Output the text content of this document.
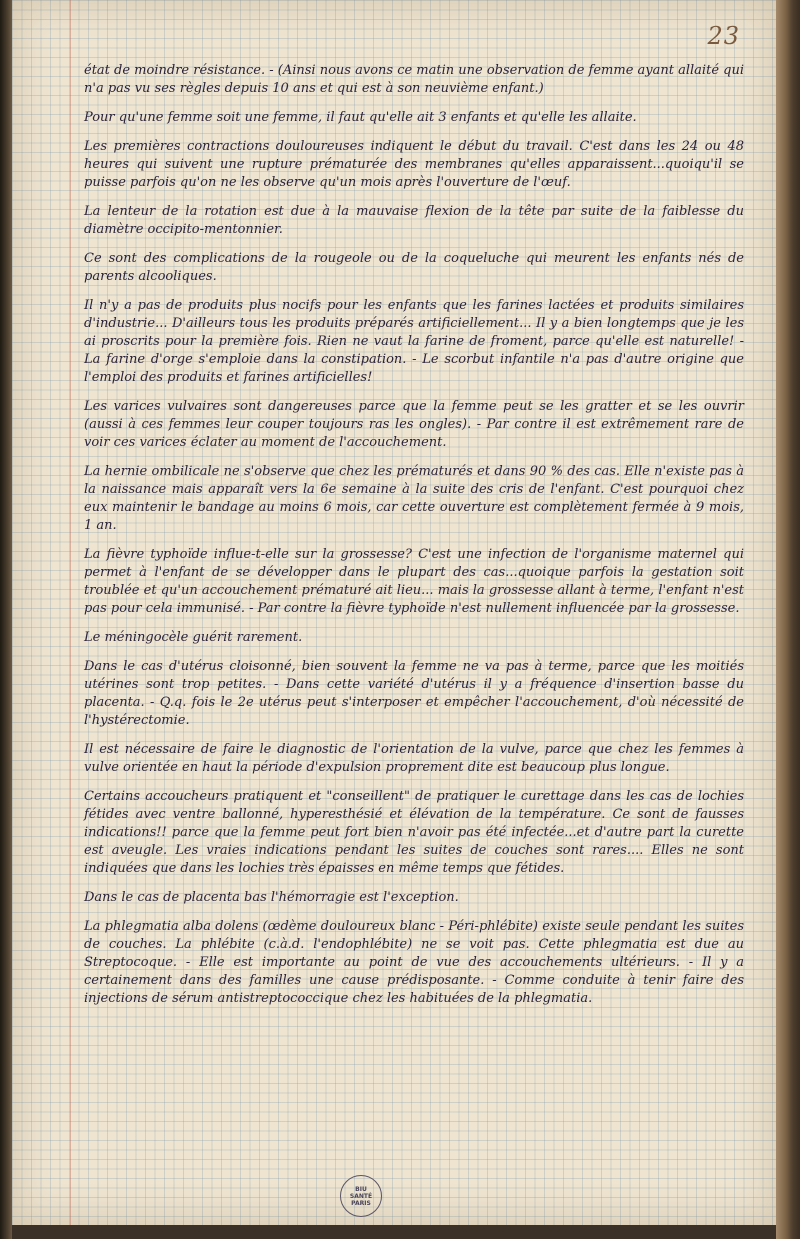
23

état de moindre résistance. - (Ainsi nous avons ce matin une observation de femme ayant allaité qui n'a pas vu ses règles depuis 10 ans et qui est à son neuvième enfant.)

Pour qu'une femme soit une femme, il faut qu'elle ait 3 enfants et qu'elle les allaite.

Les premières contractions douloureuses indiquent le début du travail. C'est dans les 24 ou 48 heures qui suivent une rupture prématurée des membranes qu'elles apparaissent...quoiqu'il se puisse parfois qu'on ne les observe qu'un mois après l'ouverture de l'œuf.

La lenteur de la rotation est due à la mauvaise flexion de la tête par suite de la faiblesse du diamètre occipito-mentonnier.

Ce sont des complications de la rougeole ou de la coqueluche qui meurent les enfants nés de parents alcooliques.

Il n'y a pas de produits plus nocifs pour les enfants que les farines lactées et produits similaires d'industrie... D'ailleurs tous les produits préparés artificiellement... Il y a bien longtemps que je les ai proscrits pour la première fois. Rien ne vaut la farine de froment, parce qu'elle est naturelle! - La farine d'orge s'emploie dans la constipation. - Le scorbut infantile n'a pas d'autre origine que l'emploi des produits et farines artificielles!

Les varices vulvaires sont dangereuses parce que la femme peut se les gratter et se les ouvrir (aussi à ces femmes leur couper toujours ras les ongles). - Par contre il est extrêmement rare de voir ces varices éclater au moment de l'accouchement.

La hernie ombilicale ne s'observe que chez les prématurés et dans 90 % des cas. Elle n'existe pas à la naissance mais apparaît vers la 6e semaine à la suite des cris de l'enfant. C'est pourquoi chez eux maintenir le bandage au moins 6 mois, car cette ouverture est complètement fermée à 9 mois, 1 an.

La fièvre typhoïde influe-t-elle sur la grossesse? C'est une infection de l'organisme maternel qui permet à l'enfant de se développer dans le plupart des cas...quoique parfois la gestation soit troublée et qu'un accouchement prématuré ait lieu... mais la grossesse allant à terme, l'enfant n'est pas pour cela immunisé. - Par contre la fièvre typhoïde n'est nullement influencée par la grossesse.

Le méningocèle guérit rarement.

Dans le cas d'utérus cloisonné, bien souvent la femme ne va pas à terme, parce que les moitiés utérines sont trop petites. - Dans cette variété d'utérus il y a fréquence d'insertion basse du placenta. - Q.q. fois le 2e utérus peut s'interposer et empêcher l'accouchement, d'où nécessité de l'hystérectomie.

Il est nécessaire de faire le diagnostic de l'orientation de la vulve, parce que chez les femmes à vulve orientée en haut la période d'expulsion proprement dite est beaucoup plus longue.

Certains accoucheurs pratiquent et "conseillent" de pratiquer le curettage dans les cas de lochies fétides avec ventre ballonné, hyperesthésié et élévation de la température. Ce sont de fausses indications!! parce que la femme peut fort bien n'avoir pas été infectée...et d'autre part la curette est aveugle. Les vraies indications pendant les suites de couches sont rares.... Elles ne sont indiquées que dans les lochies très épaisses en même temps que fétides.

Dans le cas de placenta bas l'hémorragie est l'exception.

La phlegmatia alba dolens (œdème douloureux blanc - Péri-phlébite) existe seule pendant les suites de couches. La phlébite (c.à.d. l'endophlébite) ne se voit pas. Cette phlegmatia est due au Streptocoque. - Elle est importante au point de vue des accouchements ultérieurs. - Il y a certainement dans des familles une cause prédisposante. - Comme conduite à tenir faire des injections de sérum antistreptococcique chez les habituées de la phlegmatia.

BIU
SANTÉ
PARIS
